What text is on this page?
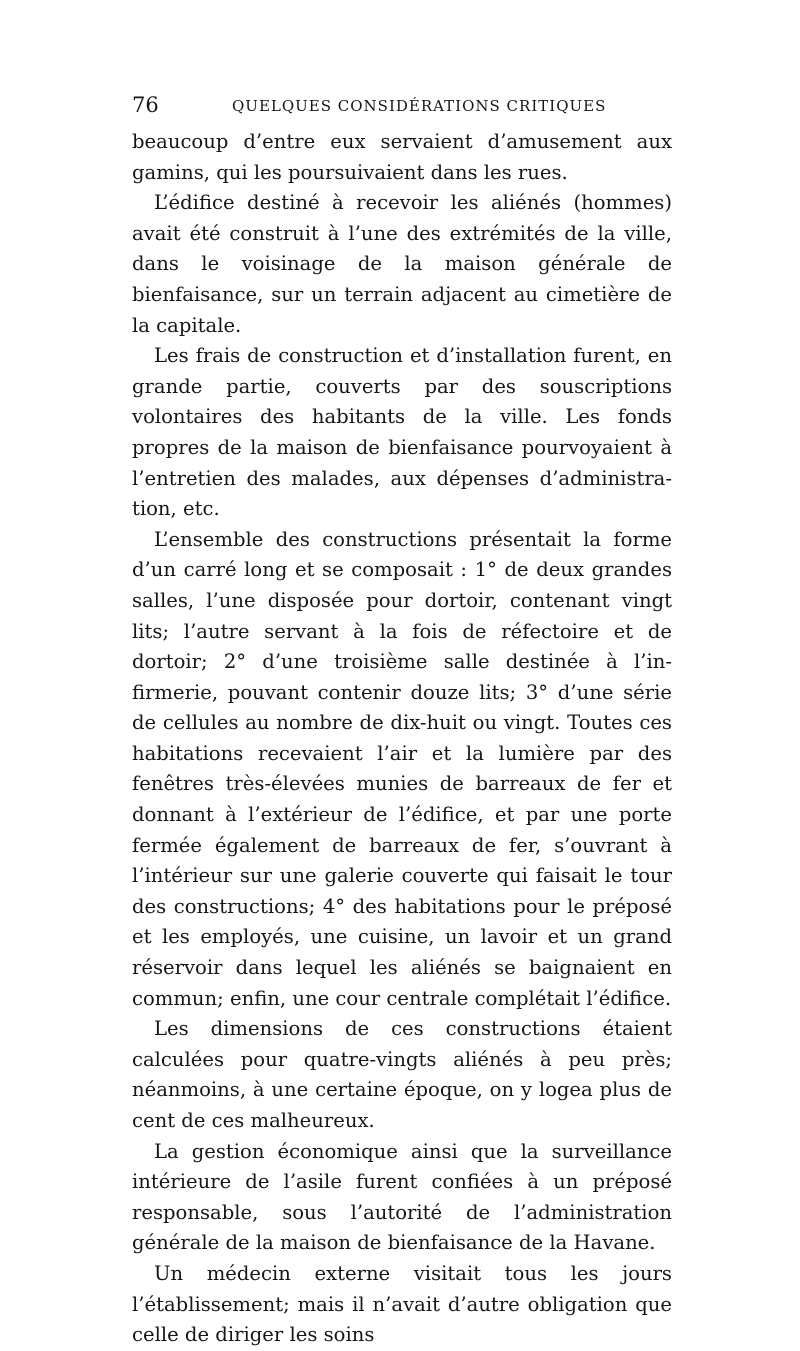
76	QUELQUES CONSIDÉRATIONS CRITIQUES

beaucoup d’entre eux servaient d’amusement aux gamins, qui les poursuivaient dans les rues.

L’édifice destiné à recevoir les aliénés (hommes) avait été construit à l’une des extrémités de la ville, dans le voisinage de la maison générale de bienfaisance, sur un terrain adjacent au cimetière de la capitale.

Les frais de construction et d’installation furent, en grande partie, couverts par des souscriptions volontaires des habitants de la ville. Les fonds propres de la maison de bienfaisance pourvoyaient à l’entretien des malades, aux dépenses d’administration, etc.

L’ensemble des constructions présentait la forme d’un carré long et se composait : 1° de deux grandes salles, l’une disposée pour dortoir, contenant vingt lits; l’autre servant à la fois de réfectoire et de dortoir; 2° d’une troisième salle destinée à l’infirmerie, pouvant contenir douze lits; 3° d’une série de cellules au nombre de dix-huit ou vingt. Toutes ces habitations recevaient l’air et la lumière par des fenêtres très-élevées munies de barreaux de fer et donnant à l’extérieur de l’édifice, et par une porte fermée également de barreaux de fer, s’ouvrant à l’intérieur sur une galerie couverte qui faisait le tour des constructions; 4° des habitations pour le préposé et les employés, une cuisine, un lavoir et un grand réservoir dans lequel les aliénés se baignaient en commun; enfin, une cour centrale complétait l’édifice.

Les dimensions de ces constructions étaient calculées pour quatre-vingts aliénés à peu près; néanmoins, à une certaine époque, on y logea plus de cent de ces malheureux.

La gestion économique ainsi que la surveillance intérieure de l’asile furent confiées à un préposé responsable, sous l’autorité de l’administration générale de la maison de bienfaisance de la Havane.

Un médecin externe visitait tous les jours l’établissement; mais il n’avait d’autre obligation que celle de diriger les soins
